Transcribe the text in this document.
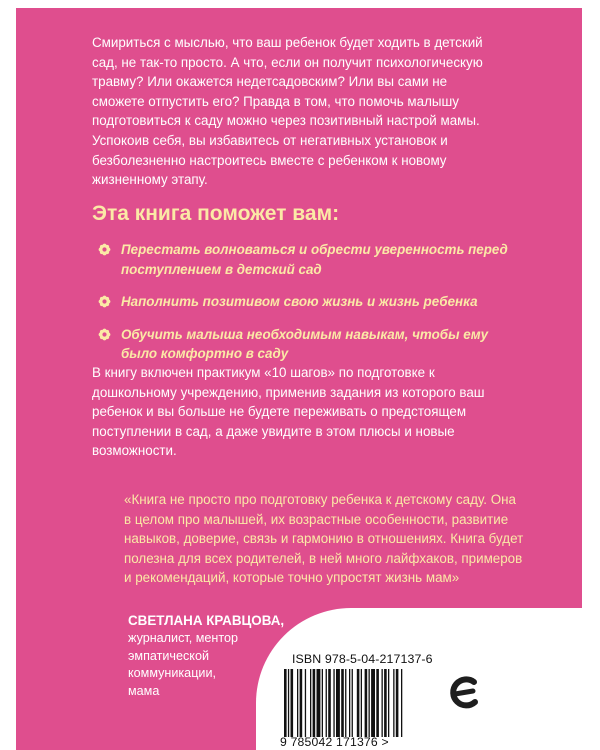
Смириться с мыслью, что ваш ребенок будет ходить в детский сад, не так-то просто. А что, если он получит психологическую травму? Или окажется недетсадовским? Или вы сами не сможете отпустить его? Правда в том, что помочь малышу подготовиться к саду можно через позитивный настрой мамы. Успокоив себя, вы избавитесь от негативных установок и безболезненно настроитесь вместе с ребенком к новому жизненному этапу.

Эта книга поможет вам:
Перестать волноваться и обрести уверенность перед поступлением в детский сад
Наполнить позитивом свою жизнь и жизнь ребенка
Обучить малыша необходимым навыкам, чтобы ему было комфортно в саду

В книгу включен практикум «10 шагов» по подготовке к дошкольному учреждению, применив задания из которого ваш ребенок и вы больше не будете переживать о предстоящем поступлении в сад, а даже увидите в этом плюсы и новые возможности.

«Книга не просто про подготовку ребенка к детскому саду. Она в целом про малышей, их возрастные особенности, развитие навыков, доверие, связь и гармонию в отношениях. Книга будет полезна для всех родителей, в ней много лайфхаков, примеров и рекомендаций, которые точно упростят жизнь мам»

СВЕТЛАНА КРАВЦОВА,
журналист, ментор
эмпатической
коммуникации,
мама
ISBN 978-5-04-217137-6
9 785042 171376 >
